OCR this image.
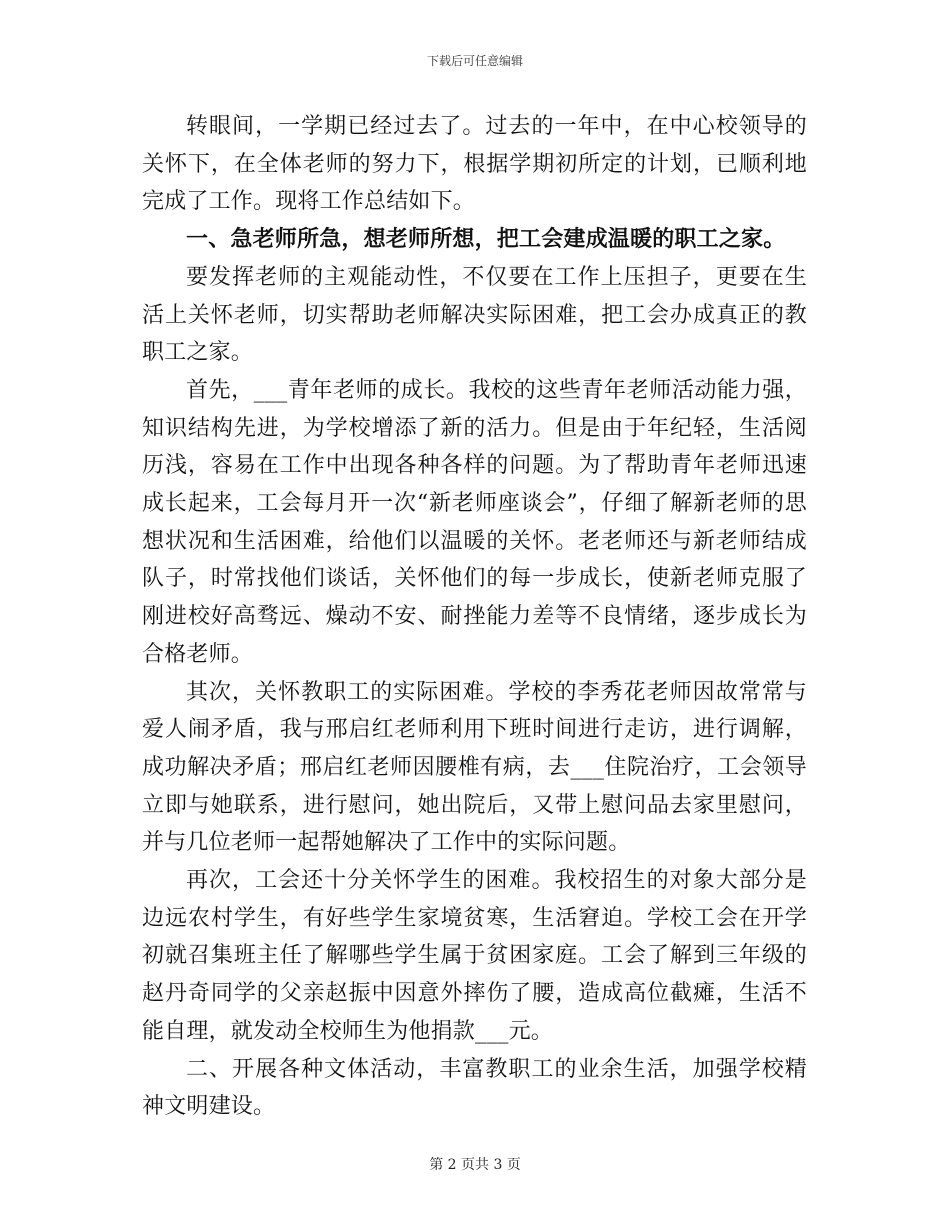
下载后可任意编辑

转眼间，一学期已经过去了。过去的一年中，在中心校领导的关怀下，在全体老师的努力下，根据学期初所定的计划，已顺利地完成了工作。现将工作总结如下。

一、急老师所急，想老师所想，把工会建成温暖的职工之家。

要发挥老师的主观能动性，不仅要在工作上压担子，更要在生活上关怀老师，切实帮助老师解决实际困难，把工会办成真正的教职工之家。

首先，___青年老师的成长。我校的这些青年老师活动能力强，知识结构先进，为学校增添了新的活力。但是由于年纪轻，生活阅历浅，容易在工作中出现各种各样的问题。为了帮助青年老师迅速成长起来，工会每月开一次“新老师座谈会”，仔细了解新老师的思想状况和生活困难，给他们以温暖的关怀。老老师还与新老师结成队子，时常找他们谈话，关怀他们的每一步成长，使新老师克服了刚进校好高骛远、燥动不安、耐挫能力差等不良情绪，逐步成长为合格老师。

其次，关怀教职工的实际困难。学校的李秀花老师因故常常与爱人闹矛盾，我与邢启红老师利用下班时间进行走访，进行调解，成功解决矛盾；邢启红老师因腰椎有病，去___住院治疗，工会领导立即与她联系，进行慰问，她出院后，又带上慰问品去家里慰问，并与几位老师一起帮她解决了工作中的实际问题。

再次，工会还十分关怀学生的困难。我校招生的对象大部分是边远农村学生，有好些学生家境贫寒，生活窘迫。学校工会在开学初就召集班主任了解哪些学生属于贫困家庭。工会了解到三年级的赵丹奇同学的父亲赵振中因意外摔伤了腰，造成高位截瘫，生活不能自理，就发动全校师生为他捐款___元。

二、开展各种文体活动，丰富教职工的业余生活，加强学校精神文明建设。

第 2 页共 3 页
